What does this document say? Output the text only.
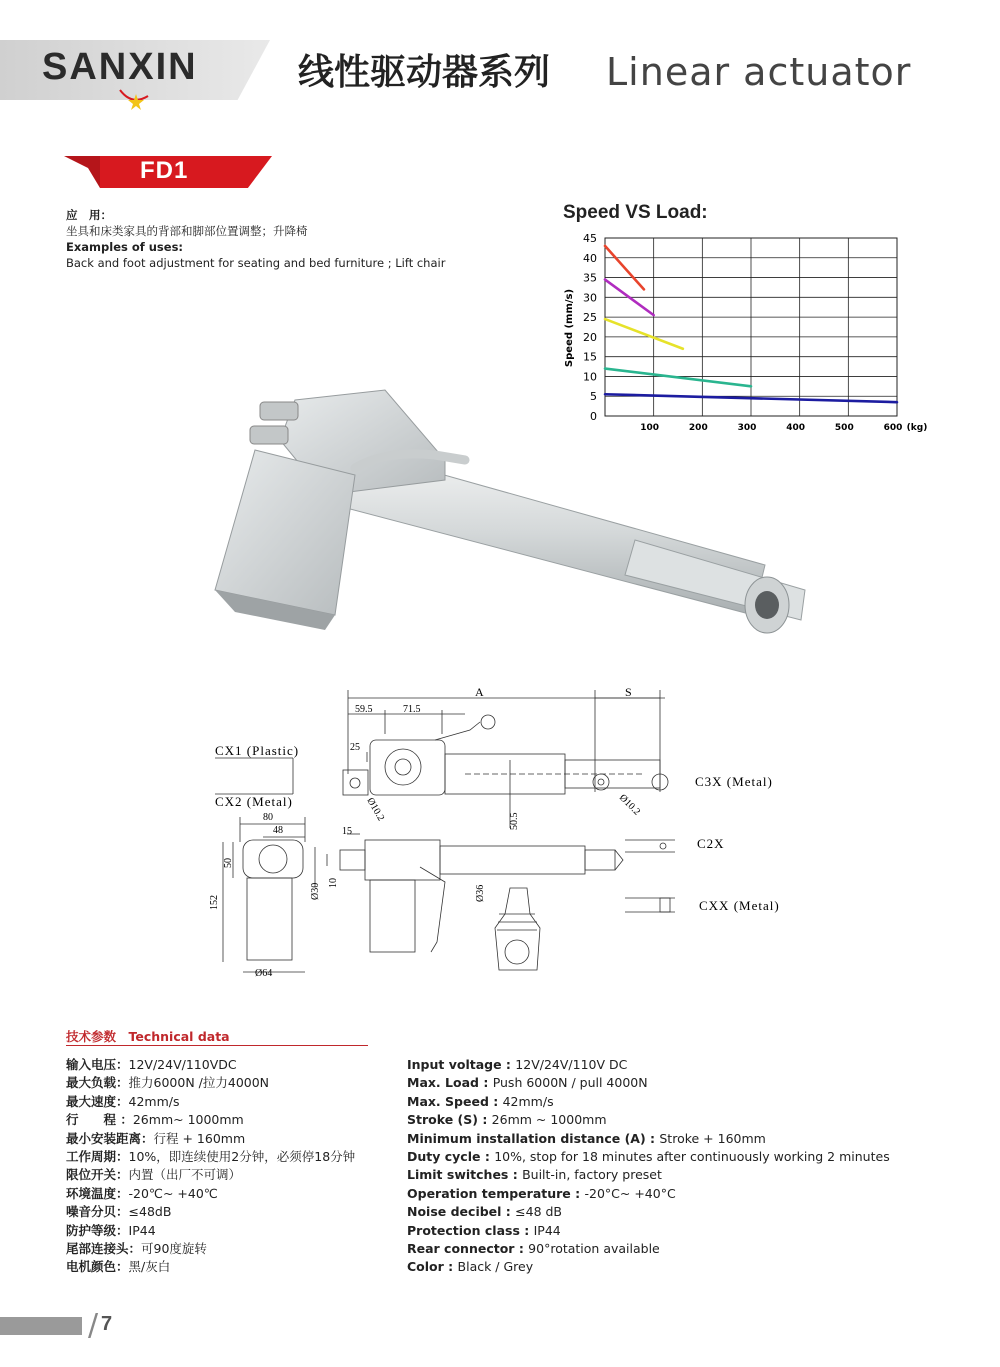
SANXIN	线性驱动器系列 Linear actuator
FD1
应　用：
坐具和床类家具的背部和脚部位置调整；升降椅
Examples of uses:
Back and foot adjustment for seating and bed furniture ; Lift chair
Speed VS Load:
Speed (mm/s)
0
5
10
15
20
25
30
35
40
45
100	200	300	400	500	600 (kg)
A	S
59.5	71.5
25
80
48
50
152
Ø64
15
Ø30 10
Ø36
50.5
Ø10.2	Ø10.2
CX1 (Plastic)
CX2 (Metal)
C3X (Metal)
C2X
CXX (Metal)
技术参数　Technical data
输入电压：12V/24V/110VDC
最大负载：推力6000N /拉力4000N
最大速度：42mm/s
行　　程 ：26mm~ 1000mm
最小安装距离：行程 + 160mm
工作周期：10%，即连续使用2分钟，必须停18分钟
限位开关：内置（出厂不可调）
环境温度：-20℃~ +40℃
噪音分贝：≤48dB
防护等级：IP44
尾部连接头：可90度旋转
电机颜色：黑/灰白
Input voltage : 12V/24V/110V DC
Max. Load : Push 6000N / pull 4000N
Max. Speed : 42mm/s
Stroke (S) : 26mm ~ 1000mm
Minimum installation distance (A) : Stroke + 160mm
Duty cycle : 10%, stop for 18 minutes after continuously working 2 minutes
Limit switches : Built-in, factory preset
Operation temperature : -20°C~ +40°C
Noise decibel : ≤48 dB
Protection class : IP44
Rear connector : 90°rotation available
Color : Black / Grey
/ 7
